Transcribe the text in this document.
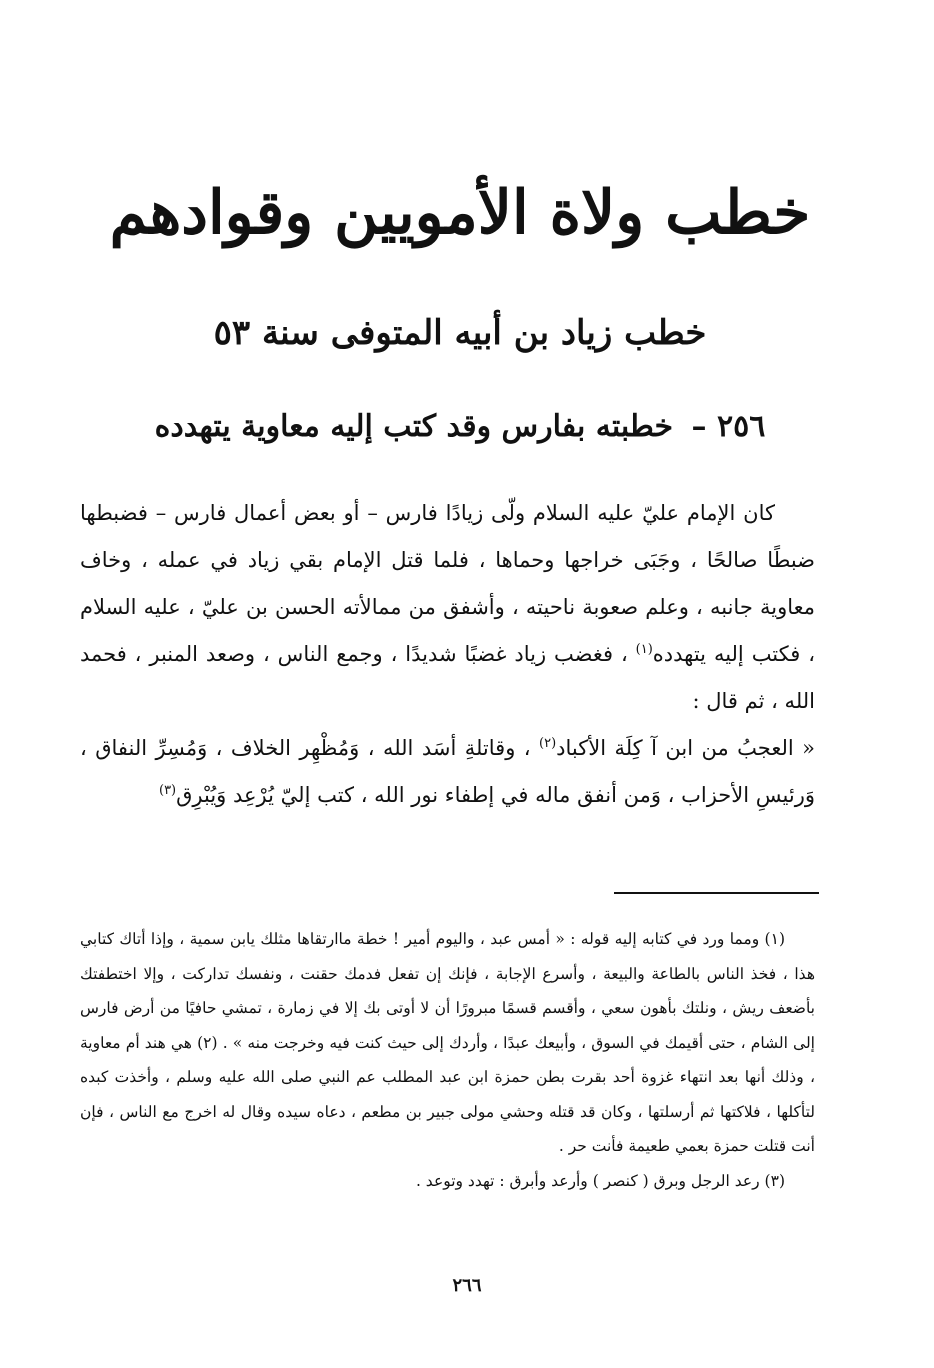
خطب ولاة الأمويين وقوادهم
خطب زياد بن أبيه المتوفى سنة ٥٣
٢٥٦ – خطبته بفارس وقد كتب إليه معاوية يتهدده

كان الإمام عليّ عليه السلام ولّى زيادًا فارس – أو بعض أعمال فارس – فضبطها ضبطًا صالحًا ، وجَبَى خراجها وحماها ، فلما قتل الإمام بقي زياد في عمله ، وخاف معاوية جانبه ، وعلم صعوبة ناحيته ، وأشفق من ممالأته الحسن بن عليّ ، عليه السلام ، فكتب إليه يتهدده$^{(١)}$ ، فغضب زياد غضبًا شديدًا ، وجمع الناس ، وصعد المنبر ، فحمد الله ، ثم قال :

« العجبُ من ابن آ كِلَة الأكباد$^{(٢)}$ ، وقاتلةِ أسَد الله ، وَمُظْهِر الخلاف ، وَمُسِرِّ النفاق ، وَرئيسِ الأحزاب ، وَمن أنفق ماله في إطفاء نور الله ، كتب إليّ يُرْعِد وَيُبْرِق$^{(٣)}$

(١) ومما ورد في كتابه إليه قوله : « أمس عبد ، واليوم أمير ! خطة ماارتقاها مثلك يابن سمية ، وإذا أتاك كتابي هذا ، فخذ الناس بالطاعة والبيعة ، وأسرع الإجابة ، فإنك إن تفعل فدمك حقنت ، ونفسك تداركت ، وإلا اختطفتك بأضعف ريش ، ونلتك بأهون سعي ، وأقسم قسمًا مبرورًا أن لا أوتى بك إلا في زمارة ، تمشي حافيًا من أرض فارس إلى الشام ، حتى أقيمك في السوق ، وأبيعك عبدًا ، وأردك إلى حيث كنت فيه وخرجت منه » . (٢) هي هند أم معاوية ، وذلك أنها بعد انتهاء غزوة أحد بقرت بطن حمزة ابن عبد المطلب عم النبي صلى الله عليه وسلم ، وأخذت كبده لتأكلها ، فلاكتها ثم أرسلتها ، وكان قد قتله وحشي مولى جبير بن مطعم ، دعاه سيده وقال له اخرج مع الناس ، فإن أنت قتلت حمزة بعمي طعيمة فأنت حر .

(٣) رعد الرجل وبرق ( كنصر ) وأرعد وأبرق : تهدد وتوعد .

٢٦٦
